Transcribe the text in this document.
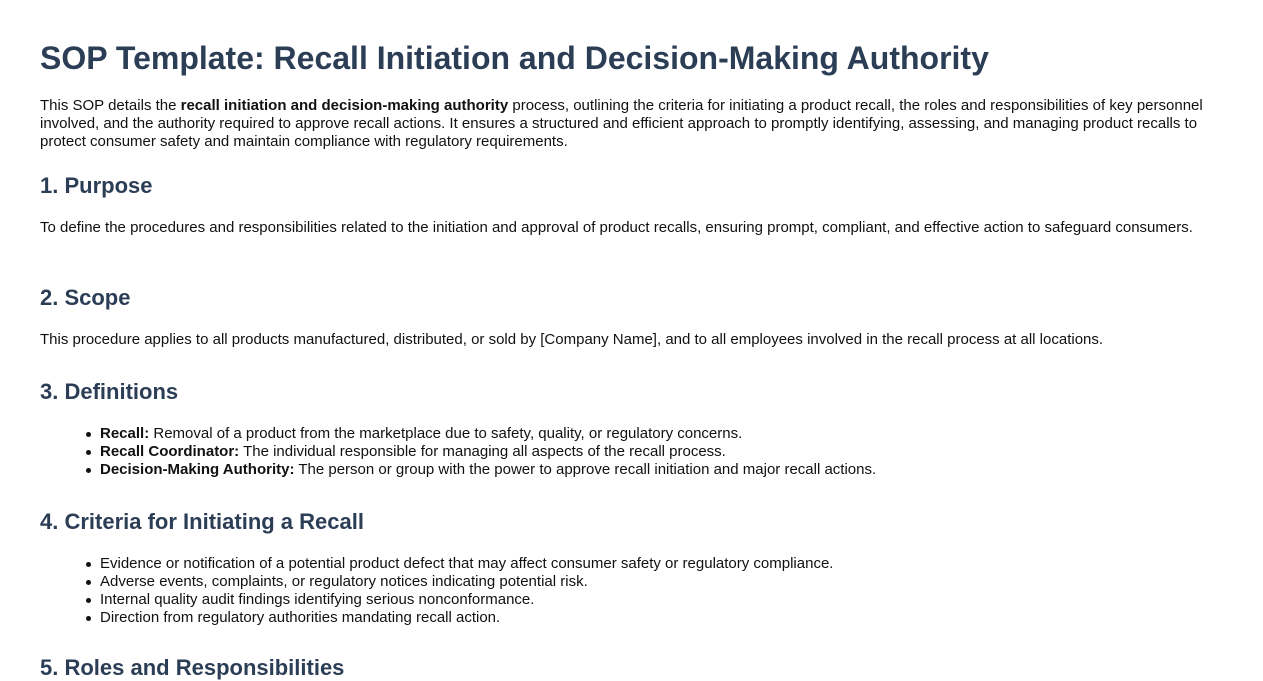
SOP Template: Recall Initiation and Decision-Making Authority

This SOP details the recall initiation and decision-making authority process, outlining the criteria for initiating a product recall, the roles and responsibilities of key personnel involved, and the authority required to approve recall actions. It ensures a structured and efficient approach to promptly identifying, assessing, and managing product recalls to protect consumer safety and maintain compliance with regulatory requirements.

1. Purpose

To define the procedures and responsibilities related to the initiation and approval of product recalls, ensuring prompt, compliant, and effective action to safeguard consumers.

2. Scope

This procedure applies to all products manufactured, distributed, or sold by [Company Name], and to all employees involved in the recall process at all locations.

3. Definitions
Recall: Removal of a product from the marketplace due to safety, quality, or regulatory concerns.
Recall Coordinator: The individual responsible for managing all aspects of the recall process.
Decision-Making Authority: The person or group with the power to approve recall initiation and major recall actions.
4. Criteria for Initiating a Recall
Evidence or notification of a potential product defect that may affect consumer safety or regulatory compliance.
Adverse events, complaints, or regulatory notices indicating potential risk.
Internal quality audit findings identifying serious nonconformance.
Direction from regulatory authorities mandating recall action.
5. Roles and Responsibilities
